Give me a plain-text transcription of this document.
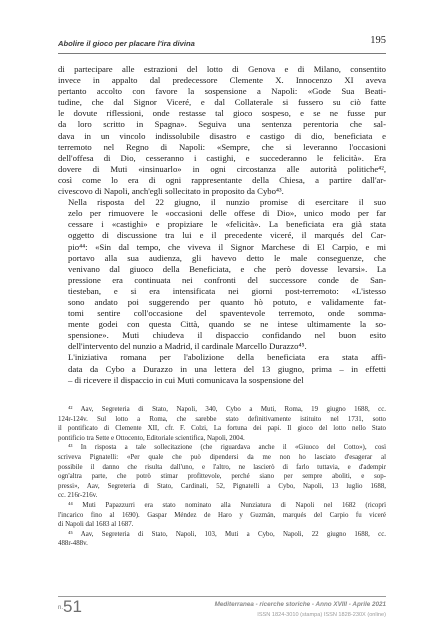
Abolire il gioco per placare l'ira divina	195

di partecipare alle estrazioni del lotto di Genova e di Milano, consentito
invece in appalto dal predecessore Clemente X. Innocenzo XI aveva
pertanto accolto con favore la sospensione a Napoli: «Gode Sua Beati-
tudine, che dal Signor Viceré, e dal Collaterale si fussero su ciò fatte
le dovute riflessioni, onde restasse tal gioco sospeso, e se ne fusse pur
da loro scritto in Spagna». Seguiva una sentenza perentoria che sal-
dava in un vincolo indissolubile disastro e castigo di dio, beneficiata e
terremoto nel Regno di Napoli: «Sempre, che si leveranno l'occasioni
dell'offesa di Dio, cesseranno i castighi, e succederanno le felicità». Era
dovere di Muti «insinuarlo» in ogni circostanza alle autorità politiche⁴²,
così come lo era di ogni rappresentante della Chiesa, a partire dall'ar-
civescovo di Napoli, anch'egli sollecitato in proposito da Cybo⁴³.

Nella risposta del 22 giugno, il nunzio promise di esercitare il suo
zelo per rimuovere le «occasioni delle offese di Dio», unico modo per far
cessare i «castighi» e propiziare le «felicità». La beneficiata era già stata
oggetto di discussione tra lui e il precedente viceré, il marqués del Car-
pio⁴⁴: «Sin dal tempo, che viveva il Signor Marchese di El Carpio, e mi
portavo alla sua audienza, gli havevo detto le male conseguenze, che
venivano dal giuoco della Beneficiata, e che però dovesse levarsi». La
pressione era continuata nei confronti del successore conde de San-
tiesteban, e si era intensificata nei giorni post-terremoto: «L'istesso
sono andato poi suggerendo per quanto hò potuto, e validamente fat-
tomi sentire coll'occasione del spaventevole terremoto, onde somma-
mente godei con questa Città, quando se ne intese ultimamente la so-
spensione». Muti chiudeva il dispaccio confidando nel buon esito
dell'intervento del nunzio a Madrid, il cardinale Marcello Durazzo⁴⁵.

L'iniziativa romana per l'abolizione della beneficiata era stata affi-
data da Cybo a Durazzo in una lettera del 13 giugno, prima – in effetti
– di ricevere il dispaccio in cui Muti comunicava la sospensione del

⁴² Aav, Segreteria di Stato, Napoli, 340, Cybo a Muti, Roma, 19 giugno 1688, cc.
124r-124v. Sul lotto a Roma, che sarebbe stato definitivamente istituito nel 1731, sotto
il pontificato di Clemente XII, cfr. F. Colzi, La fortuna dei papi. Il gioco del lotto nello Stato
pontificio tra Sette e Ottocento, Editoriale scientifica, Napoli, 2004.
⁴³ In risposta a tale sollecitazione (che riguardava anche il «Giuoco del Cotto»), così
scriveva Pignatelli: «Per quale che può dipendersi da me non ho lasciato d'esagerar al
possibile il danno che risulta dall'uno, e l'altro, ne lascierò di farlo tuttavia, e d'adempir
ogn'altra parte, che potrò stimar profittevole, perché siano per sempre aboliti, e sop-
pressi», Aav, Segreteria di Stato, Cardinali, 52, Pignatelli a Cybo, Napoli, 13 luglio 1688,
cc. 216r-216v.
⁴⁴ Muti Papazzurri era stato nominato alla Nunziatura di Napoli nel 1682 (ricoprì
l'incarico fino al 1690). Gaspar Méndez de Haro y Guzmán, marqués del Carpio fu viceré
di Napoli dal 1683 al 1687.
⁴⁵ Aav, Segreteria di Stato, Napoli, 103, Muti a Cybo, Napoli, 22 giugno 1688, cc.
488r-488v.
n.51	Mediterranea - ricerche storiche - Anno XVIII - Aprile 2021
ISSN 1824-3010 (stampa) ISSN 1828-230X (online)
